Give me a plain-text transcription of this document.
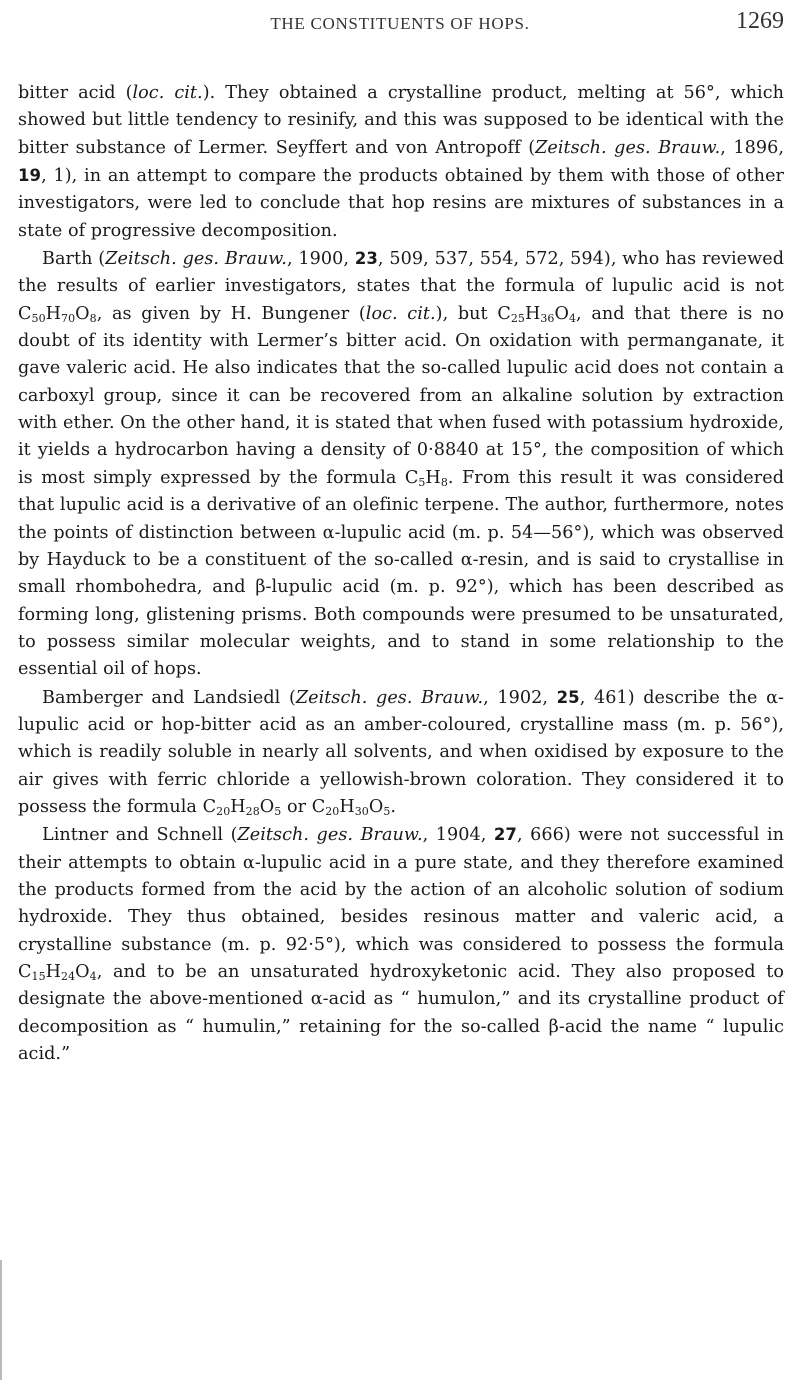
THE CONSTITUENTS OF HOPS.	1269

bitter acid (loc. cit.). They obtained a crystalline product, melting at 56°, which showed but little tendency to resinify, and this was supposed to be identical with the bitter substance of Lermer. Seyffert and von Antropoff (Zeitsch. ges. Brauw., 1896, 19, 1), in an attempt to compare the products obtained by them with those of other investigators, were led to conclude that hop resins are mixtures of substances in a state of progressive decomposition.

Barth (Zeitsch. ges. Brauw., 1900, 23, 509, 537, 554, 572, 594), who has reviewed the results of earlier investigators, states that the formula of lupulic acid is not $C_{50}H_{70}O_8$, as given by H. Bungener (loc. cit.), but $C_{25}H_{36}O_4$, and that there is no doubt of its identity with Lermer’s bitter acid. On oxidation with permanganate, it gave valeric acid. He also indicates that the so-called lupulic acid does not contain a carboxyl group, since it can be recovered from an alkaline solution by extraction with ether. On the other hand, it is stated that when fused with potassium hydroxide, it yields a hydrocarbon having a density of 0·8840 at 15°, the composition of which is most simply expressed by the formula $C_5H_8$. From this result it was considered that lupulic acid is a derivative of an olefinic terpene. The author, furthermore, notes the points of distinction between α-lupulic acid (m. p. 54—56°), which was observed by Hayduck to be a constituent of the so-called α-resin, and is said to crystallise in small rhombohedra, and β-lupulic acid (m. p. 92°), which has been described as forming long, glistening prisms. Both compounds were presumed to be unsaturated, to possess similar molecular weights, and to stand in some relationship to the essential oil of hops.

Bamberger and Landsiedl (Zeitsch. ges. Brauw., 1902, 25, 461) describe the α-lupulic acid or hop-bitter acid as an amber-coloured, crystalline mass (m. p. 56°), which is readily soluble in nearly all solvents, and when oxidised by exposure to the air gives with ferric chloride a yellowish-brown coloration. They considered it to possess the formula $C_{20}H_{28}O_5$ or $C_{20}H_{30}O_5$.

Lintner and Schnell (Zeitsch. ges. Brauw., 1904, 27, 666) were not successful in their attempts to obtain α-lupulic acid in a pure state, and they therefore examined the products formed from the acid by the action of an alcoholic solution of sodium hydroxide. They thus obtained, besides resinous matter and valeric acid, a crystalline substance (m. p. 92·5°), which was considered to possess the formula $C_{15}H_{24}O_4$, and to be an unsaturated hydroxyketonic acid. They also proposed to designate the above-mentioned α-acid as “ humulon,” and its crystalline product of decomposition as “ humulin,” retaining for the so-called β-acid the name “ lupulic acid.”
